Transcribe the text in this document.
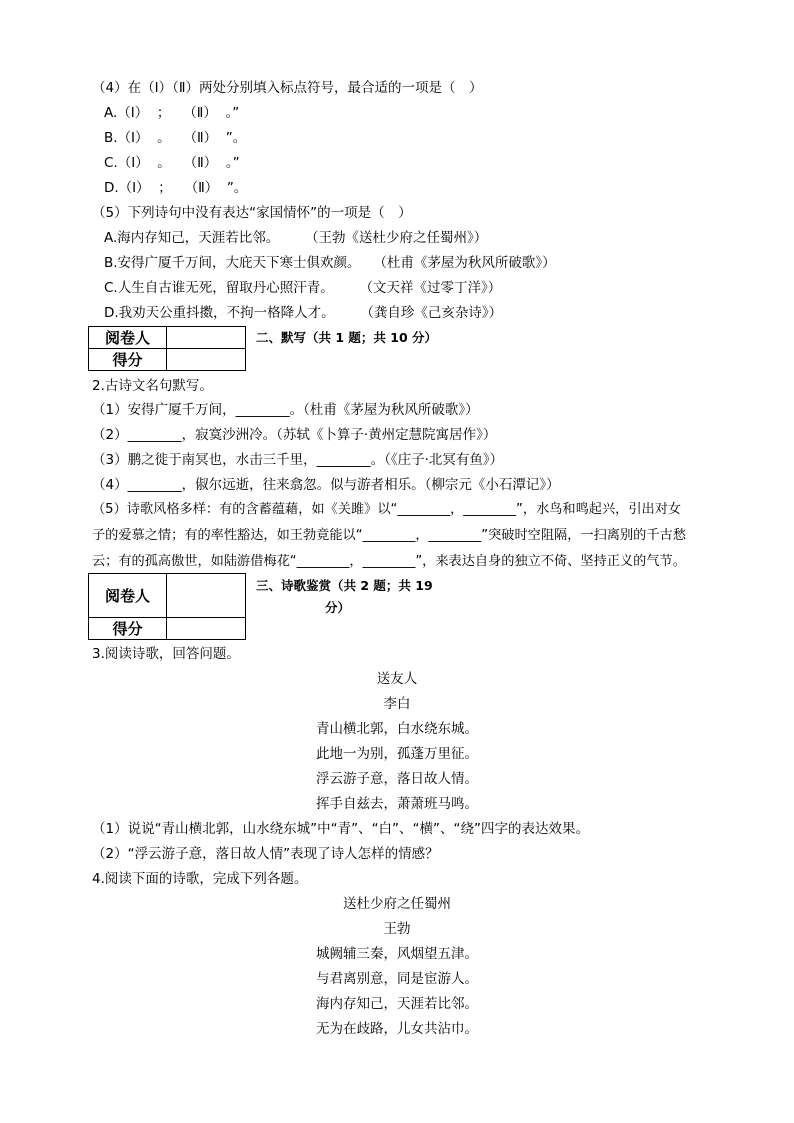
（4）在（Ⅰ）（Ⅱ）两处分别填入标点符号，最合适的一项是（　）
A.（Ⅰ）  ；   （Ⅱ）  。”
B.（Ⅰ）  。   （Ⅱ）  ”。
C.（Ⅰ）  。   （Ⅱ）  。”
D.（Ⅰ）  ；   （Ⅱ）  ”。
（5）下列诗句中没有表达“家国情怀”的一项是（　）
A.海内存知己，天涯若比邻。      （王勃《送杜少府之任蜀州》）
B.安得广厦千万间，大庇天下寒士俱欢颜。   （杜甫《茅屋为秋风所破歌》）
C.人生自古谁无死，留取丹心照汗青。      （文天祥《过零丁洋》）
D.我劝天公重抖擞，不拘一格降人才。      （龚自珍《己亥杂诗》）
阅卷人	
得分	
二、默写（共 1 题；共 10 分）
2.古诗文名句默写。
（1）安得广厦千万间，________。（杜甫《茅屋为秋风所破歌》）
（2）________，寂寞沙洲冷。（苏轼《卜算子·黄州定慧院寓居作》）
（3）鹏之徙于南冥也，水击三千里，________。（《庄子·北冥有鱼》）
（4）________，俶尔远逝，往来翕忽。似与游者相乐。（柳宗元《小石潭记》）
（5）诗歌风格多样：有的含蓄蕴藉，如《关雎》以“________，________”，水鸟和鸣起兴，引出对女
子的爱慕之情；有的率性豁达，如王勃竟能以“________，________”突破时空阻隔，一扫离别的千古愁
云；有的孤高傲世，如陆游借梅花“________，________”，来表达自身的独立不倚、坚持正义的气节。
阅卷人	
得分	
三、诗歌鉴赏（共 2 题；共 19
分）
3.阅读诗歌，回答问题。
送友人
李白
青山横北郭，白水绕东城。
此地一为别，孤蓬万里征。
浮云游子意，落日故人情。
挥手自兹去，萧萧班马鸣。
（1）说说“青山横北郭，山水绕东城”中“青”、“白”、“横”、“绕”四字的表达效果。
（2）“浮云游子意，落日故人情”表现了诗人怎样的情感？
4.阅读下面的诗歌，完成下列各题。
送杜少府之任蜀州
王勃
城阙辅三秦，风烟望五津。
与君离别意，同是宦游人。
海内存知己，天涯若比邻。
无为在歧路，儿女共沾巾。
